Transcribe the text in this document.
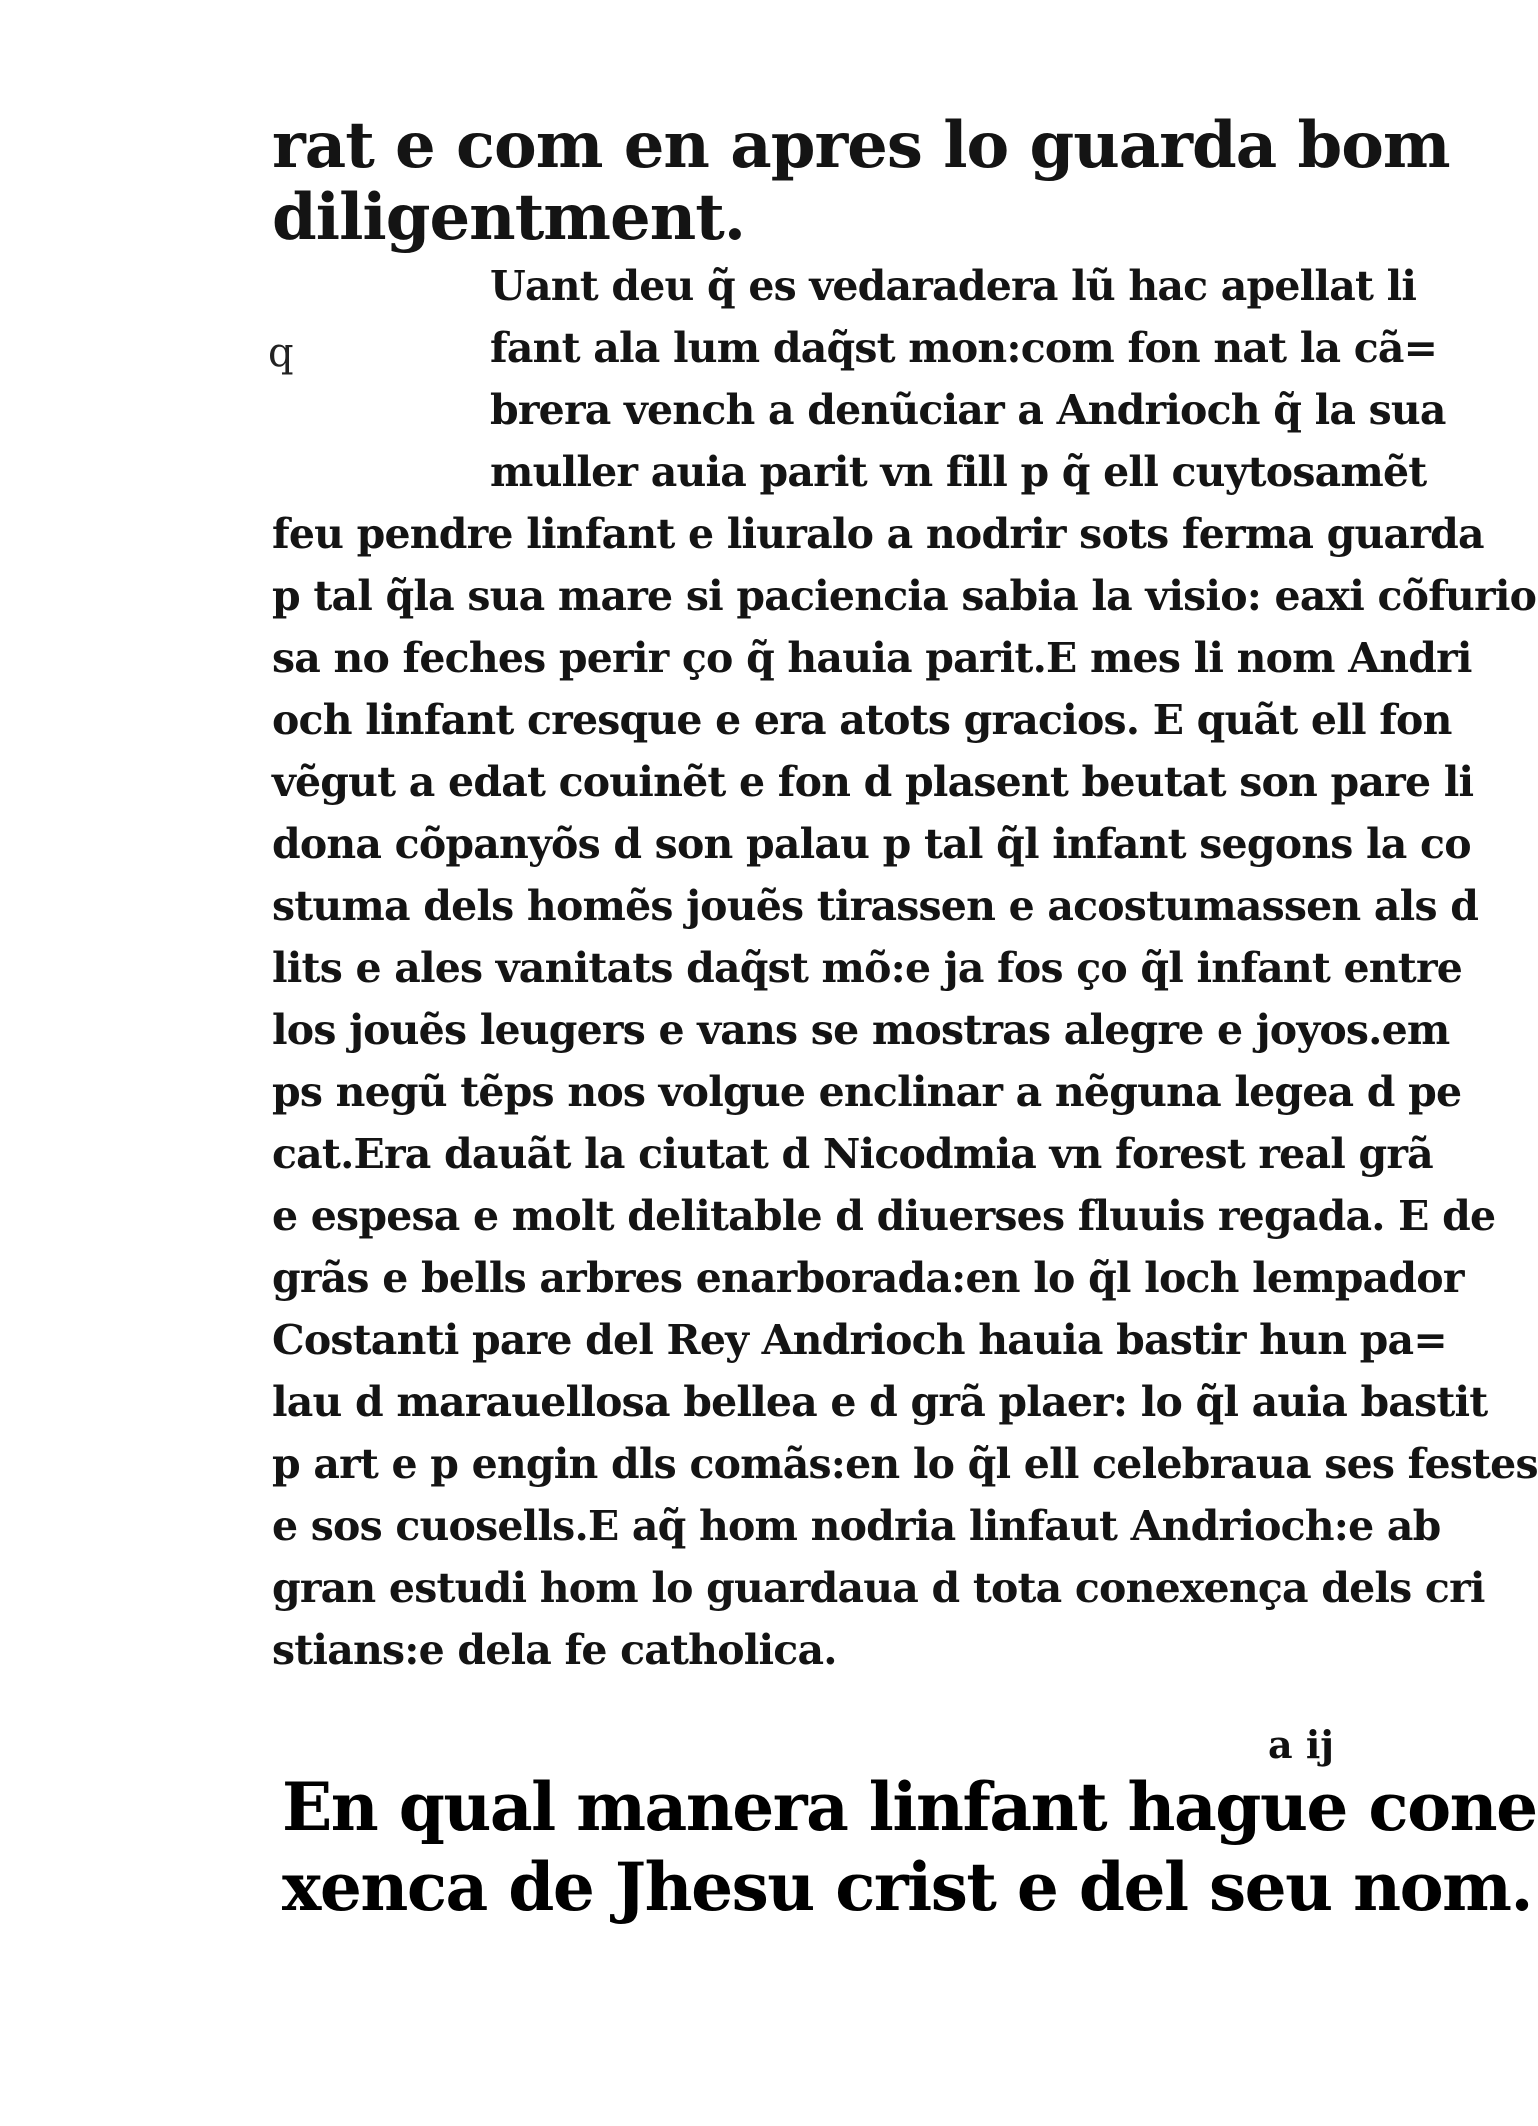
rat e com en apres lo guarda bom
diligentment.
q
Uant deu q̃ es vedaradera lũ hac apellat li
fant ala lum daq̃st mon:com fon nat la cã=
brera vench a denũciar a Andrioch q̃ la sua
muller auia parit vn fill p q̃ ell cuytosamẽt
feu pendre linfant e liuralo a nodrir sots ferma guarda
p tal q̃la sua mare si paciencia sabia la visio: eaxi cõfurio
sa no feches perir ço q̃ hauia parit.E mes li nom Andri
och linfant cresque e era atots gracios. E quãt ell fon
vẽgut a edat couinẽt e fon d plasent beutat son pare li
dona cõpanyõs d son palau p tal q̃l infant segons la co
stuma dels homẽs jouẽs tirassen e acostumassen als d
lits e ales vanitats daq̃st mõ:e ja fos ço q̃l infant entre
los jouẽs leugers e vans se mostras alegre e joyos.em
ps negũ tẽps nos volgue enclinar a nẽguna legea d pe
cat.Era dauãt la ciutat d Nicodmia vn forest real grã
e espesa e molt delitable d diuerses fluuis regada. E de
grãs e bells arbres enarborada:en lo q̃l loch lempador
Costanti pare del Rey Andrioch hauia bastir hun pa=
lau d marauellosa bellea e d grã plaer: lo q̃l auia bastit
p art e p engin dls comãs:en lo q̃l ell celebraua ses festes
e sos cuosells.E aq̃ hom nodria linfaut Andrioch:e ab
gran estudi hom lo guardaua d tota conexença dels cri
stians:e dela fe catholica.
En qual manera linfant hague cone
xenca de Jhesu crist e del seu nom.
a ij
